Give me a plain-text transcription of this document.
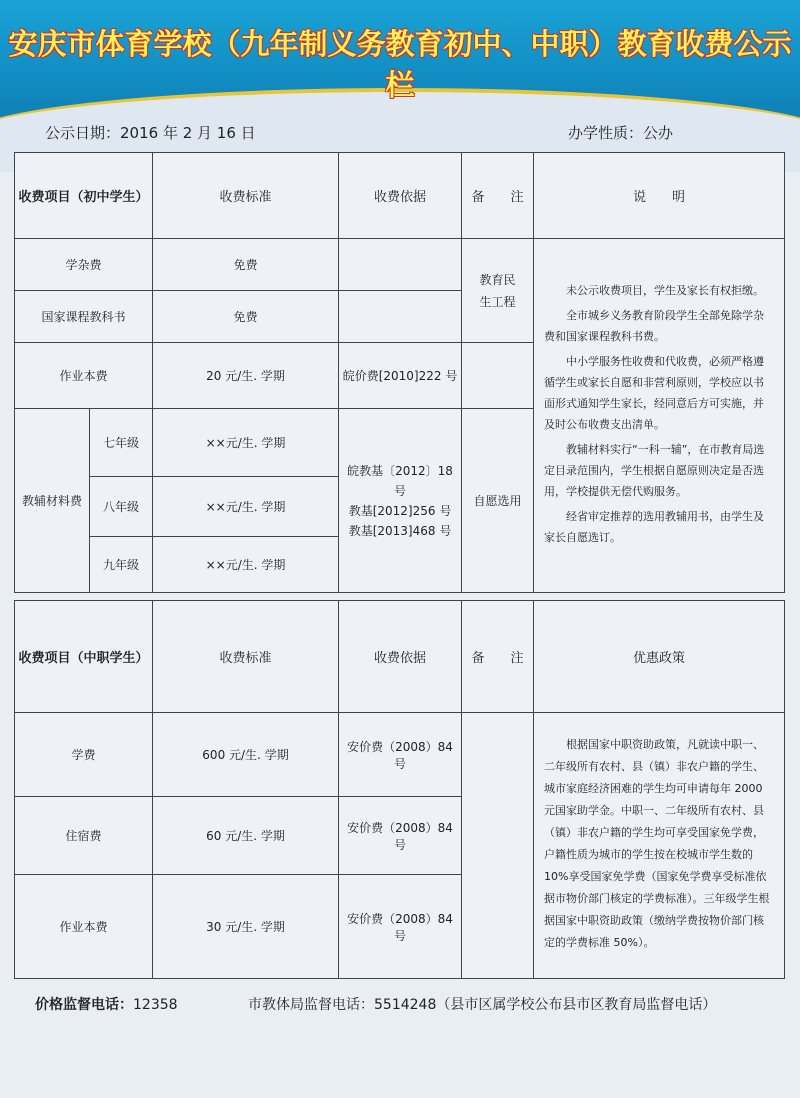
安庆市体育学校（九年制义务教育初中、中职）教育收费公示栏
公示日期：2016 年 2 月 16 日	办学性质：公办
收费项目（初中学生）		收费标准	收费依据	备　　注	说　　明
学杂费		免费		教育民生工程	未公示收费项目，学生及家长有权拒缴。

全市城乡义务教育阶段学生全部免除学杂费和国家课程教科书费。

中小学服务性收费和代收费，必须严格遵循学生或家长自愿和非营利原则，学校应以书面形式通知学生家长，经同意后方可实施，并及时公布收费支出清单。

教辅材料实行“一科一辅”，在市教育局选定目录范围内，学生根据自愿原则决定是否选用，学校提供无偿代购服务。

经省审定推荐的选用教辅用书，由学生及家长自愿选订。

国家课程教科书		免费			
作业本费		20 元/生. 学期	皖价费[2010]222 号		
教辅材料费	七年级	××元/生. 学期	皖教基〔2012〕18 号
教基[2012]256 号
教基[2013]468 号	自愿选用	
	八年级	××元/生. 学期			
	九年级	××元/生. 学期			
收费项目（中职学生）	收费标准	收费依据	备　　注	优惠政策
学费	600 元/生. 学期	安价费（2008）84 号		根据国家中职资助政策，凡就读中职一、二年级所有农村、县（镇）非农户籍的学生、城市家庭经济困难的学生均可申请每年 2000 元国家助学金。中职一、二年级所有农村、县（镇）非农户籍的学生均可享受国家免学费，户籍性质为城市的学生按在校城市学生数的 10%享受国家免学费（国家免学费享受标准依据市物价部门核定的学费标准）。三年级学生根据国家中职资助政策（缴纳学费按物价部门核定的学费标准 50%）。

住宿费	60 元/生. 学期	安价费（2008）84 号		
作业本费	30 元/生. 学期	安价费（2008）84 号		
价格监督电话：12358	市教体局监督电话：5514248（县市区属学校公布县市区教育局监督电话）
